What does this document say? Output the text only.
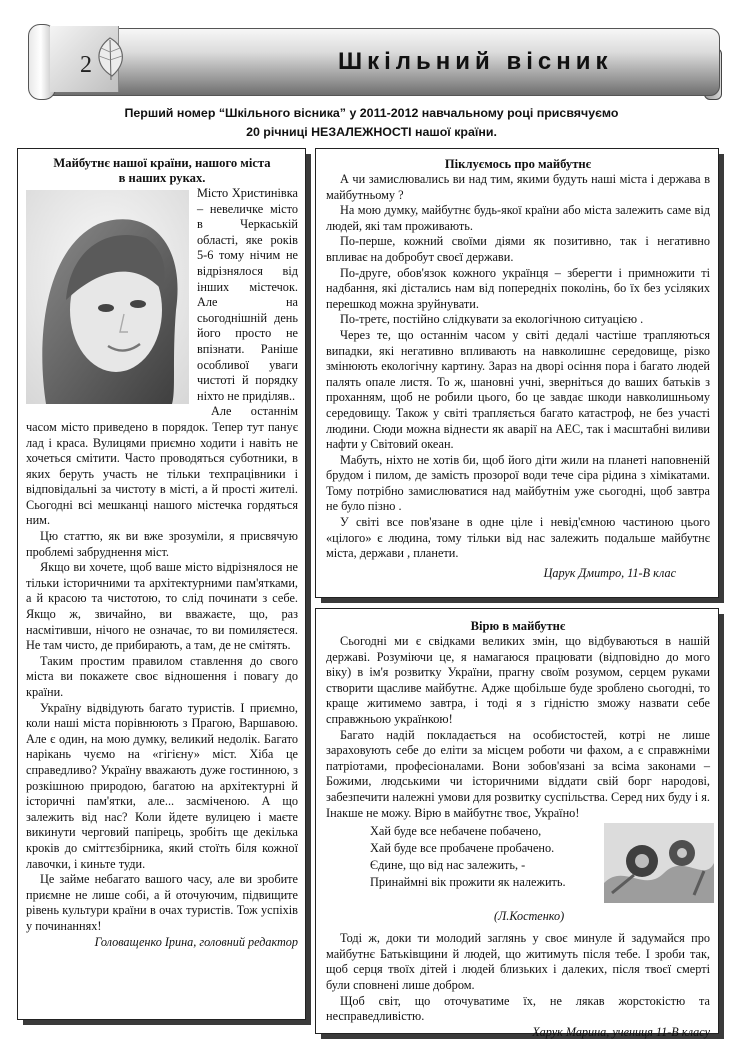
2	Шкільний вісник
Перший номер “Шкільного вісника” у 2011-2012 навчальному році присвячуємо
20 річниці НЕЗАЛЕЖНОСТІ нашої країни.
Майбутнє нашої країни, нашого міста
в наших руках.

Місто Христинівка – невеличке місто в Черкаській області, яке років 5-6 тому нічим не відрізнялося від інших містечок. Але на сьогоднішній день його просто не впізнати. Раніше особливої уваги чистоті й порядку ніхто не приділяв..

Але останнім часом місто приведено в порядок. Тепер тут панує лад і краса. Вулицями приємно ходити і навіть не хочеться смітити. Часто проводяться суботники, в яких беруть участь не тільки техпрацівники і відповідальні за чистоту в місті, а й прості жителі. Сьогодні всі мешканці нашого містечка гордяться ним.

Цю статтю, як ви вже зрозуміли, я присвячую проблемі забруднення міст.

Якщо ви хочете, щоб ваше місто відрізнялося не тільки історичними та архітектурними пам'ятками, а й красою та чистотою, то слід починати з себе. Якщо ж, звичайно, ви вважаєте, що, раз насмітивши, нічого не означає, то ви помиляєтеся. Не там чисто, де прибирають, а там, де не смітять.

Таким простим правилом ставлення до свого міста ви покажете своє відношення і повагу до країни.

Україну відвідують багато туристів. І приємно, коли наші міста порівнюють з Прагою, Варшавою. Але є один, на мою думку, великий недолік. Багато нарікань чуємо на «гігієну» міст. Хіба це справедливо? Україну вважають дуже гостинною, з розкішною природою, багатою на архітектурні й історичні пам'ятки, але... засміченою. А що залежить від нас? Коли йдете вулицею і маєте викинути черговий папірець, зробіть ще декілька кроків до сміттєзбірника, який стоїть біля кожної лавочки, і киньте туди.

Це займе небагато вашого часу, але ви зробите приємне не лише собі, а й оточуючим, підвищите рівень культури країни в очах туристів. Тож успіхів у починаннях!

Головащенко Ірина, головний редактор
Піклуємось про майбутнє

А чи замислювались ви над тим, якими будуть наші міста і держава в майбутньому ?

На мою думку, майбутнє будь-якої країни або міста залежить саме від людей, які там проживають.

По-перше, кожний своїми діями як позитивно, так і негативно впливає на добробут своєї держави.

По-друге, обов'язок кожного українця – зберегти і примножити ті надбання, які дістались нам від попередніх поколінь, бо їх без усіляких перешкод можна зруйнувати.

По-третє, постійно слідкувати за екологічною ситуацією .

Через те, що останнім часом у світі дедалі частіше трапляються випадки, які негативно впливають на навколишнє середовище, різко змінюють екологічну картину. Зараз на дворі осіння пора і багато людей палять опале листя. То ж, шановні учні, зверніться до ваших батьків з проханням, щоб не робили цього, бо це завдає шкоди навколишньому середовищу. Також у світі трапляється багато катастроф, не без участі людини. Сюди можна віднести як аварії на АЕС, так і масштабні виливи нафти у Світовий океан.

Мабуть, ніхто не хотів би, щоб його діти жили на планеті наповненій брудом і пилом, де замість прозорої води тече сіра рідина з хімікатами. Тому потрібно замислюватися над майбутнім уже сьогодні, щоб завтра не було пізно .

У світі все пов'язане в одне ціле і невід'ємною частиною цього «цілого» є людина, тому тільки від нас залежить подальше майбутнє міста, держави , планети.

Царук Дмитро, 11-В клас
Вірю в майбутнє

Сьогодні ми є свідками великих змін, що відбуваються в нашій державі. Розуміючи це, я намагаюся працювати (відповідно до мого віку) в ім'я розвитку України, прагну своїм розумом, серцем руками створити щасливе майбутнє. Адже щобільше буде зроблено сьогодні, то краще житимемо завтра, і тоді я з гідністю зможу назвати себе справжньою українкою!

Багато надій покладається на особистостей, котрі не лише зараховують себе до еліти за місцем роботи чи фахом, а є справжніми патріотами, професіоналами. Вони зобов'язані за всіма законами – Божими, людськими чи історичними віддати свій борг народові, забезпечити належні умови для розвитку суспільства. Серед них буду і я. Інакше не можу. Вірю в майбутнє твоє, Україно!

Хай буде все небачене побачено,
Хай буде все пробачене пробачено.
Єдине, що від нас залежить, -
Принаймні вік прожити як належить.
(Л.Костенко)

Тоді ж, доки ти молодий заглянь у своє минуле й задумайся про майбутнє Батьківщини й людей, що житимуть після тебе. І зроби так, щоб серця твоїх дітей і людей близьких і далеких, після твоєї смерті були сповнені лише добром.

Щоб світ, що оточуватиме їх, не лякав жорстокістю та несправедливістю.

Харук Марина, учениця 11-В класу
